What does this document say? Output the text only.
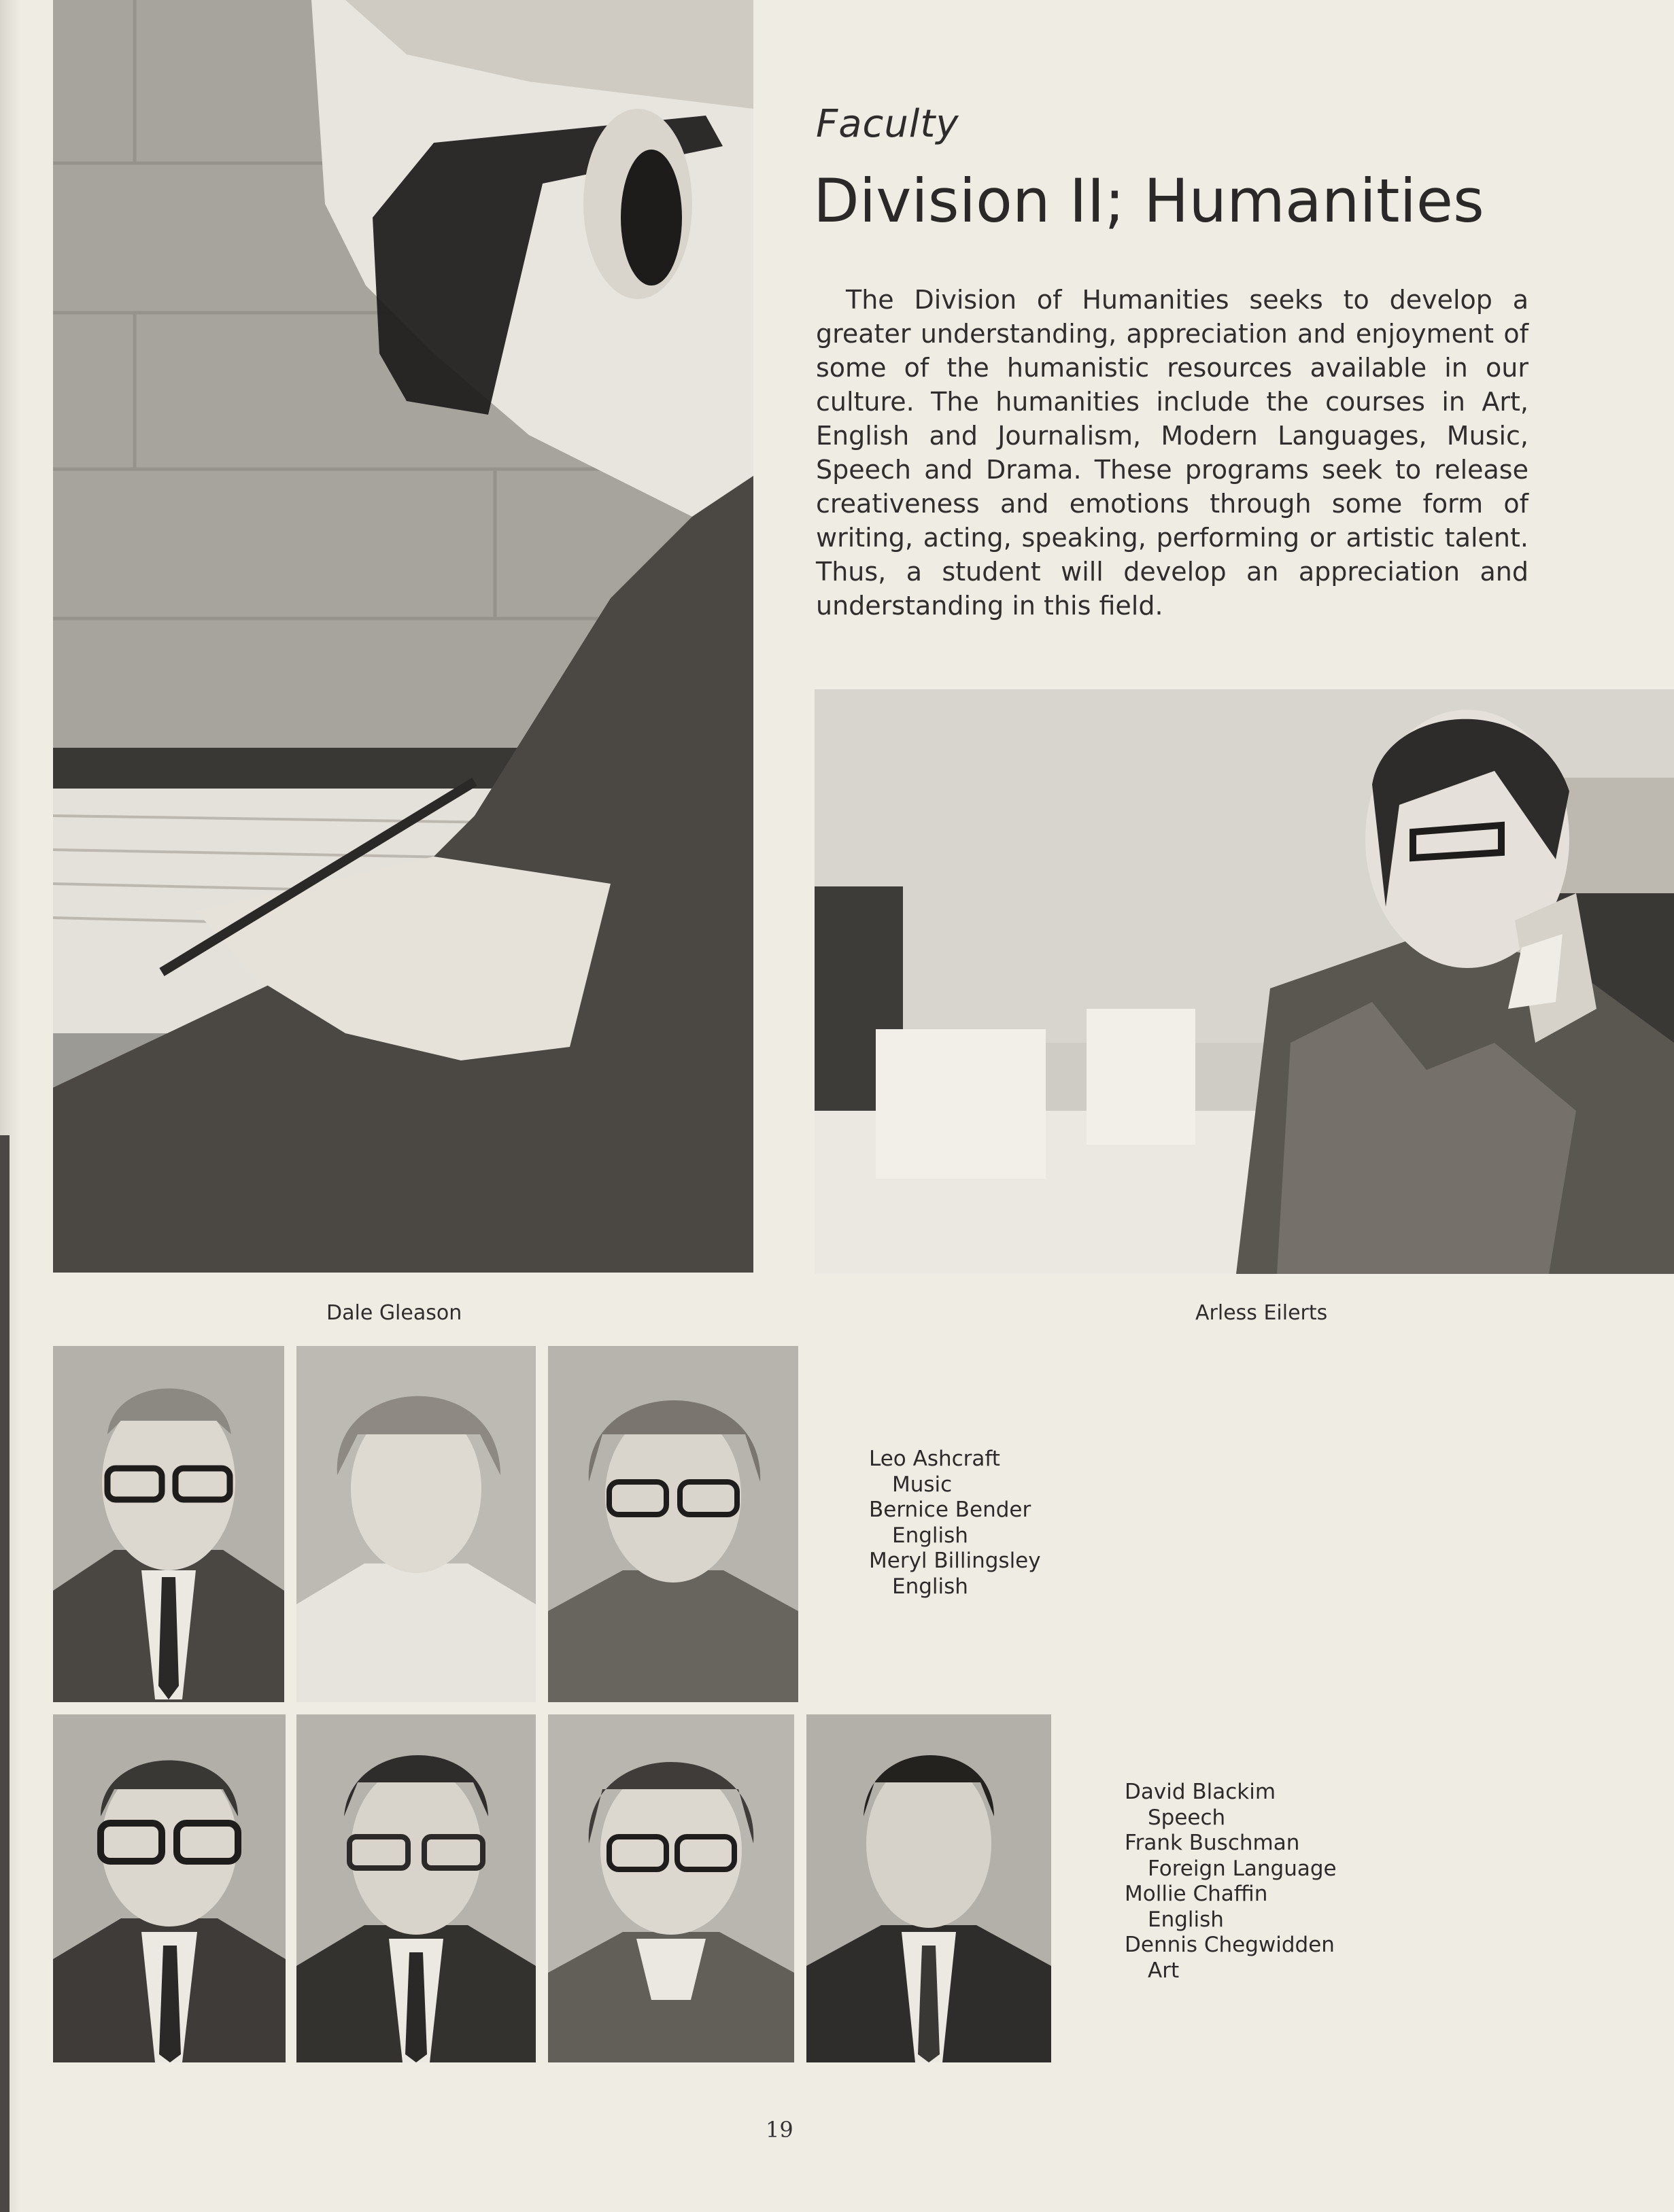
Faculty
Division II; Humanities

The Division of Humanities seeks to develop a greater understanding, appreciation and enjoyment of some of the humanistic resources available in our culture. The humanities include the courses in Art, English and Journalism, Modern Languages, Music, Speech and Drama. These programs seek to release creativeness and emotions through some form of writing, acting, speaking, performing or artistic talent. Thus, a student will develop an appreciation and understanding in this field.

Dale Gleason	Arless Eilerts
Leo Ashcraft
Music
Bernice Bender
English
Meryl Billingsley
English
David Blackim
Speech
Frank Buschman
Foreign Language
Mollie Chaffin
English
Dennis Chegwidden
Art
19
